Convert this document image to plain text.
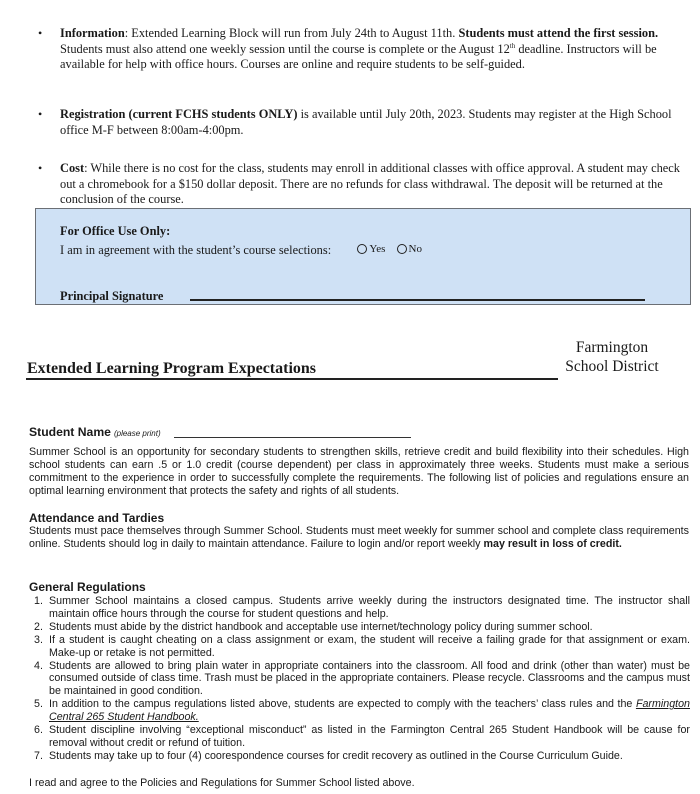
• Information: Extended Learning Block will run from July 24th to August 11th. Students must attend the first session. Students must also attend one weekly session until the course is complete or the August 12th deadline. Instructors will be available for help with office hours. Courses are online and require students to be self-guided.
• Registration (current FCHS students ONLY) is available until July 20th, 2023. Students may register at the High School office M-F between 8:00am-4:00pm.
• Cost: While there is no cost for the class, students may enroll in additional classes with office approval. A student may check out a chromebook for a $150 dollar deposit. There are no refunds for class withdrawal. The deposit will be returned at the conclusion of the course.
For Office Use Only:
I am in agreement with the student’s course selections:	Yes
No
Principal Signature
Extended Learning Program Expectations
Farmington
School District
Student Name (please print)
Summer School is an opportunity for secondary students to strengthen skills, retrieve credit and build flexibility into their schedules. High school students can earn .5 or 1.0 credit (course dependent) per class in approximately three weeks. Students must make a serious commitment to the experience in order to successfully complete the requirements. The following list of policies and regulations ensure an optimal learning environment that protects the safety and rights of all students.
Attendance and Tardies
Students must pace themselves through Summer School. Students must meet weekly for summer school and complete class requirements online. Students should log in daily to maintain attendance. Failure to login and/or report weekly may result in loss of credit.
General Regulations
1. Summer School maintains a closed campus. Students arrive weekly during the instructors designated time. The instructor shall maintain office hours through the course for student questions and help.
2. Students must abide by the district handbook and acceptable use internet/technology policy during summer school.
3. If a student is caught cheating on a class assignment or exam, the student will receive a failing grade for that assignment or exam. Make-up or retake is not permitted.
4. Students are allowed to bring plain water in appropriate containers into the classroom. All food and drink (other than water) must be consumed outside of class time. Trash must be placed in the appropriate containers. Please recycle. Classrooms and the campus must be maintained in good condition.
5. In addition to the campus regulations listed above, students are expected to comply with the teachers’ class rules and the Farmington Central 265 Student Handbook.
6. Student discipline involving “exceptional misconduct” as listed in the Farmington Central 265 Student Handbook will be cause for removal without credit or refund of tuition.
7. Students may take up to four (4) coorespondence courses for credit recovery as outlined in the Course Curriculum Guide.
I read and agree to the Policies and Regulations for Summer School listed above.
